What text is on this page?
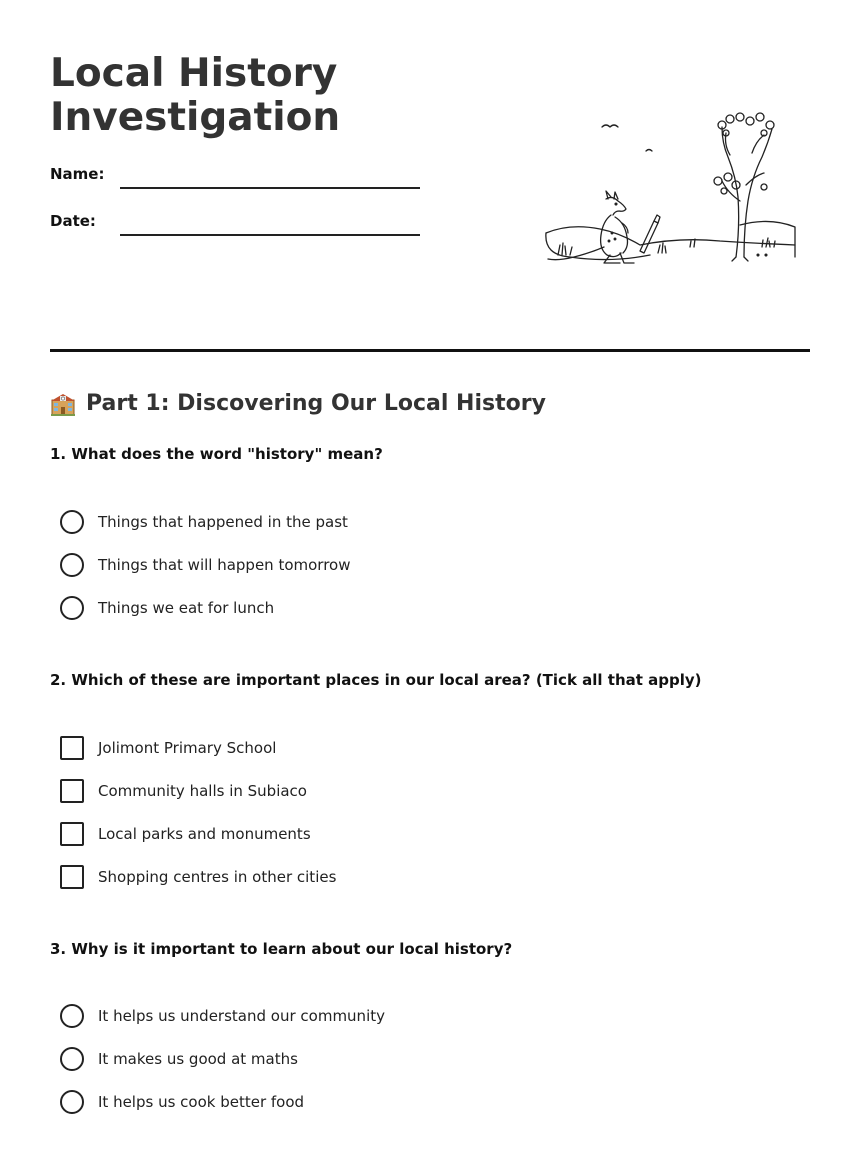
Local History
Investigation
Name:
Date:
Part 1: Discovering Our Local History

1. What does the word "history" mean?

Things that happened in the past
Things that will happen tomorrow
Things we eat for lunch

2. Which of these are important places in our local area? (Tick all that apply)

Jolimont Primary School
Community halls in Subiaco
Local parks and monuments
Shopping centres in other cities

3. Why is it important to learn about our local history?

It helps us understand our community
It makes us good at maths
It helps us cook better food
